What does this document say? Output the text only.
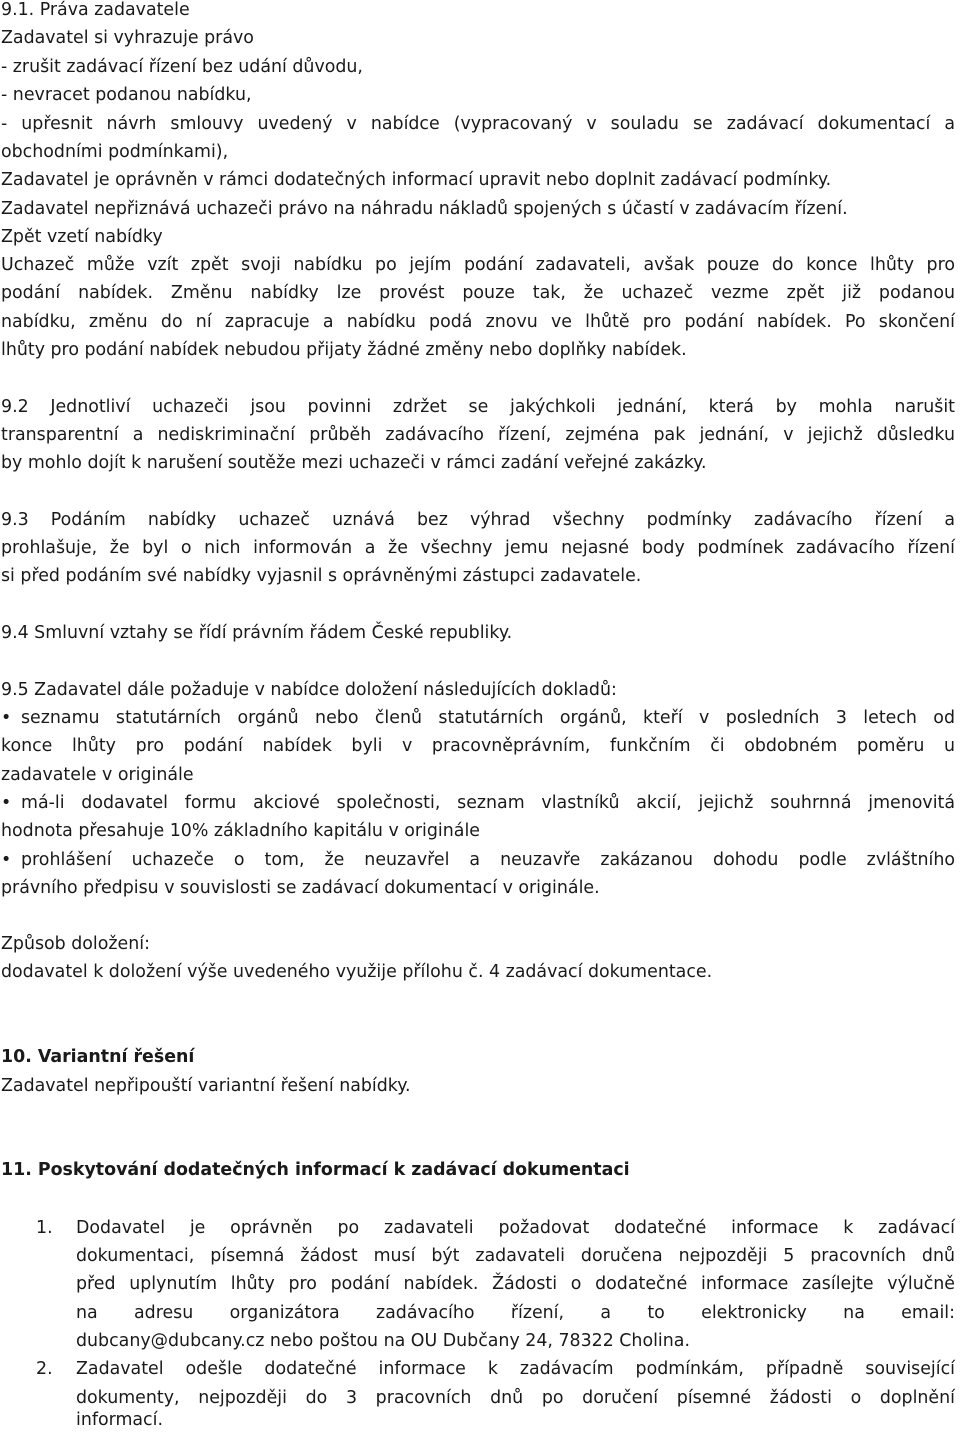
9.1. Práva zadavatele
Zadavatel si vyhrazuje právo
- zrušit zadávací řízení bez udání důvodu,
- nevracet podanou nabídku,
- upřesnit návrh smlouvy uvedený v nabídce (vypracovaný v souladu se zadávací dokumentací a
obchodními podmínkami),
Zadavatel je oprávněn v rámci dodatečných informací upravit nebo doplnit zadávací podmínky.
Zadavatel nepřiznává uchazeči právo na náhradu nákladů spojených s účastí v zadávacím řízení.
Zpět vzetí nabídky
Uchazeč může vzít zpět svoji nabídku po jejím podání zadavateli, avšak pouze do konce lhůty pro
podání nabídek. Změnu nabídky lze provést pouze tak, že uchazeč vezme zpět již podanou
nabídku, změnu do ní zapracuje a nabídku podá znovu ve lhůtě pro podání nabídek. Po skončení
lhůty pro podání nabídek nebudou přijaty žádné změny nebo doplňky nabídek.
9.2 Jednotliví uchazeči jsou povinni zdržet se jakýchkoli jednání, která by mohla narušit
transparentní a nediskriminační průběh zadávacího řízení, zejména pak jednání, v jejichž důsledku
by mohlo dojít k narušení soutěže mezi uchazeči v rámci zadání veřejné zakázky.
9.3 Podáním nabídky uchazeč uznává bez výhrad všechny podmínky zadávacího řízení a
prohlašuje, že byl o nich informován a že všechny jemu nejasné body podmínek zadávacího řízení
si před podáním své nabídky vyjasnil s oprávněnými zástupci zadavatele.
9.4 Smluvní vztahy se řídí právním řádem České republiky.
9.5 Zadavatel dále požaduje v nabídce doložení následujících dokladů:
• seznamu statutárních orgánů nebo členů statutárních orgánů, kteří v posledních 3 letech od
konce lhůty pro podání nabídek byli v pracovněprávním, funkčním či obdobném poměru u
zadavatele v originále
• má-li dodavatel formu akciové společnosti, seznam vlastníků akcií, jejichž souhrnná jmenovitá
hodnota přesahuje 10% základního kapitálu v originále
• prohlášení uchazeče o tom, že neuzavřel a neuzavře zakázanou dohodu podle zvláštního
právního předpisu v souvislosti se zadávací dokumentací v originále.
Způsob doložení:
dodavatel k doložení výše uvedeného využije přílohu č. 4 zadávací dokumentace.
10. Variantní řešení
Zadavatel nepřipouští variantní řešení nabídky.
11. Poskytování dodatečných informací k zadávací dokumentaci
1. Dodavatel je oprávněn po zadavateli požadovat dodatečné informace k zadávací
dokumentaci, písemná žádost musí být zadavateli doručena nejpozději 5 pracovních dnů
před uplynutím lhůty pro podání nabídek. Žádosti o dodatečné informace zasílejte výlučně
na adresu organizátora zadávacího řízení, a to elektronicky na email:
dubcany@dubcany.cz nebo poštou na OU Dubčany 24, 78322 Cholina.
2. Zadavatel odešle dodatečné informace k zadávacím podmínkám, případně související
dokumenty, nejpozději do 3 pracovních dnů po doručení písemné žádosti o doplnění
informací.
